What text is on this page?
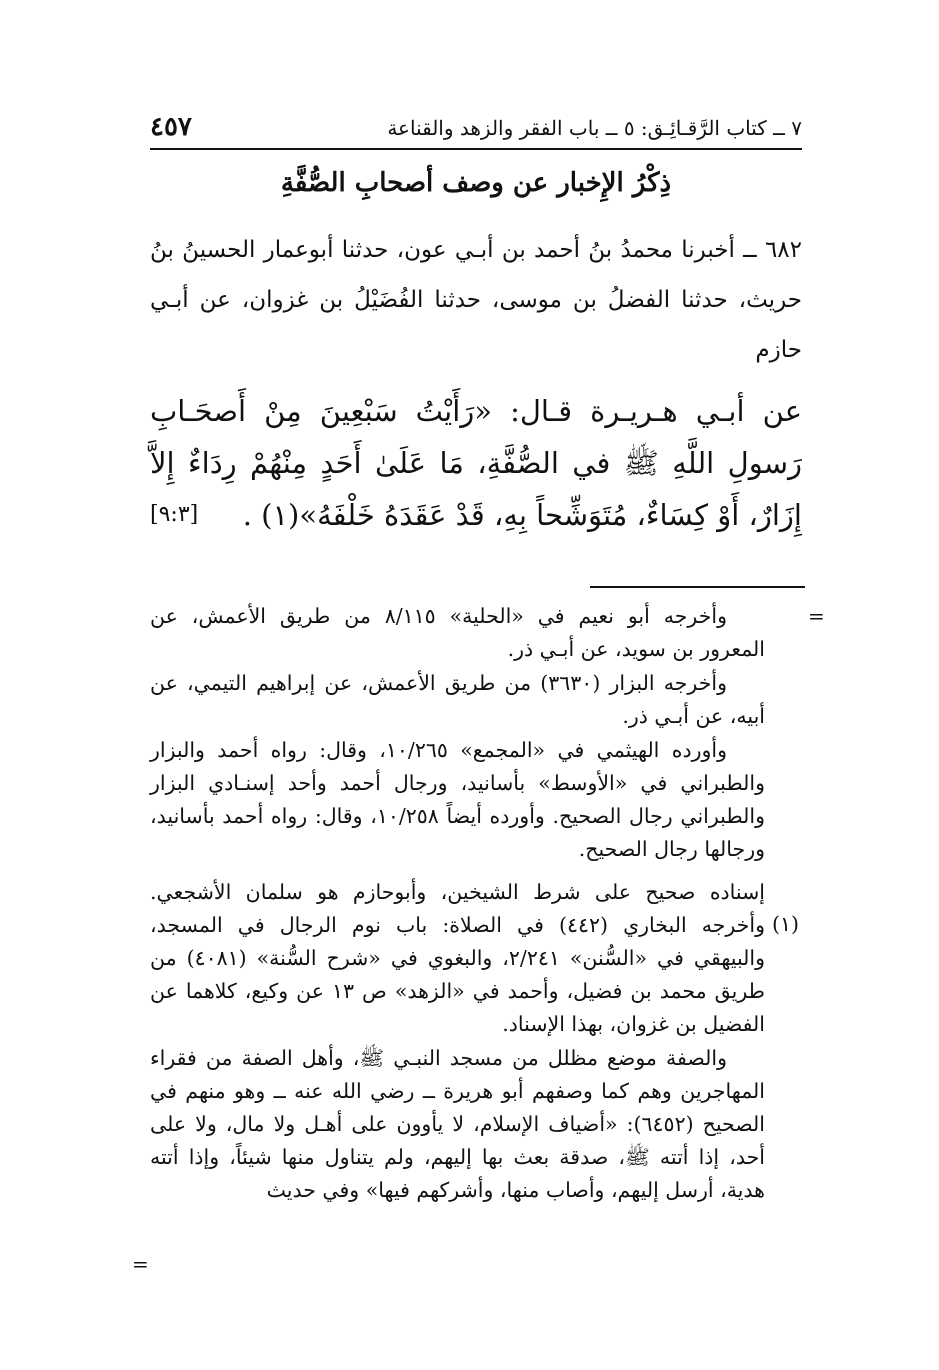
٧ ــ كتاب الرَّقـائِـق: ٥ ــ باب الفقر والزهد والقناعة
٤٥٧
ذِكْرُ الإِخبار عن وصف أصحابِ الصُّفَّةِ
٦٨٢ ــ أخبرنا محمدُ بنُ أحمد بن أبـي عون، حدثنا أبوعمار الحسينُ بنُ حريث، حدثنا الفضلُ بن موسى، حدثنا الفُضَيْلُ بن غزوان، عن أبـي حازم
عن أبـي هـريـرة قـال: «رَأَيْتُ سَبْعِينَ مِنْ أَصحَـابِ رَسولِ اللَّهِ ﷺ في الصُّفَّةِ، مَا عَلَىٰ أَحَدٍ مِنْهُمْ رِدَاءٌ إِلاَّ إِزَارٌ، أَوْ كِسَاءٌ، مُتَوَشِّحاً بِهِ، قَدْ عَقَدَهُ خَلْفَهُ»(١) .
[٩:٣]
=

وأخرجه أبو نعيم في «الحلية» ٨/١١٥ من طريق الأعمش، عن المعرور بن سويد، عن أبـي ذر.

وأخرجه البزار (٣٦٣٠) من طريق الأعمش، عن إبراهيم التيمي، عن أبيه، عن أبـي ذر.

وأورده الهيثمي في «المجمع» ١٠/٢٦٥، وقال: رواه أحمد والبزار والطبراني في «الأوسط» بأسانيد، ورجال أحمد وأحد إسنـادي البزار والطبراني رجال الصحيح. وأورده أيضاً ١٠/٢٥٨، وقال: رواه أحمد بأسانيد، ورجالها رجال الصحيح.

إسناده صحيح على شرط الشيخين، وأبوحازم هو سلمان الأشجعي. وأخرجه البخاري (٤٤٢) في الصلاة: باب نوم الرجال في المسجد، والبيهقي في «السُّنن» ٢/٢٤١، والبغوي في «شرح السُّنة» (٤٠٨١) من طريق محمد بن فضيل، وأحمد في «الزهد» ص ١٣ عن وكيع، كلاهما عن الفضيل بن غزوان، بهذا الإسناد.

والصفة موضع مظلل من مسجد النبـي ﷺ، وأهل الصفة من فقراء المهاجرين وهم كما وصفهم أبو هريرة ــ رضي الله عنه ــ وهو منهم في الصحيح (٦٤٥٢): «أضياف الإسلام، لا يأوون على أهـل ولا مال، ولا على أحد، إذا أتته ﷺ، صدقة بعث بها إليهم، ولم يتناول منها شيئاً، وإذا أتته هدية، أرسل إليهم، وأصاب منها، وأشركهم فيها» وفي حديث

(١)
=
